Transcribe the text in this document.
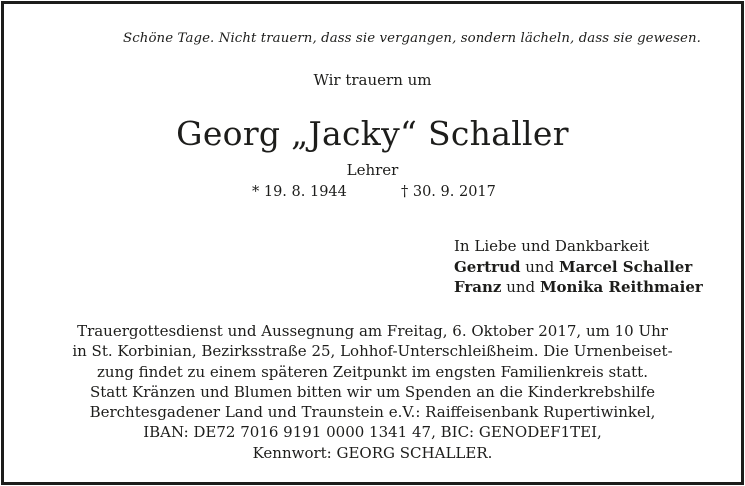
Schöne Tage. Nicht trauern, dass sie vergangen, sondern lächeln, dass sie gewesen.
Wir trauern um
Georg „Jacky“ Schaller
Lehrer
* 19. 8. 1944	† 30. 9. 2017
In Liebe und Dankbarkeit
Gertrud und Marcel Schaller
Franz und Monika Reithmaier
Trauergottesdienst und Aussegnung am Freitag, 6. Oktober 2017, um 10 Uhr
in St. Korbinian, Bezirksstraße 25, Lohhof-Unterschleißheim. Die Urnenbeiset-
zung findet zu einem späteren Zeitpunkt im engsten Familienkreis statt.
Statt Kränzen und Blumen bitten wir um Spenden an die Kinderkrebshilfe
Berchtesgadener Land und Traunstein e.V.: Raiffeisenbank Rupertiwinkel,
IBAN: DE72 7016 9191 0000 1341 47, BIC: GENODEF1TEI,
Kennwort: GEORG SCHALLER.
